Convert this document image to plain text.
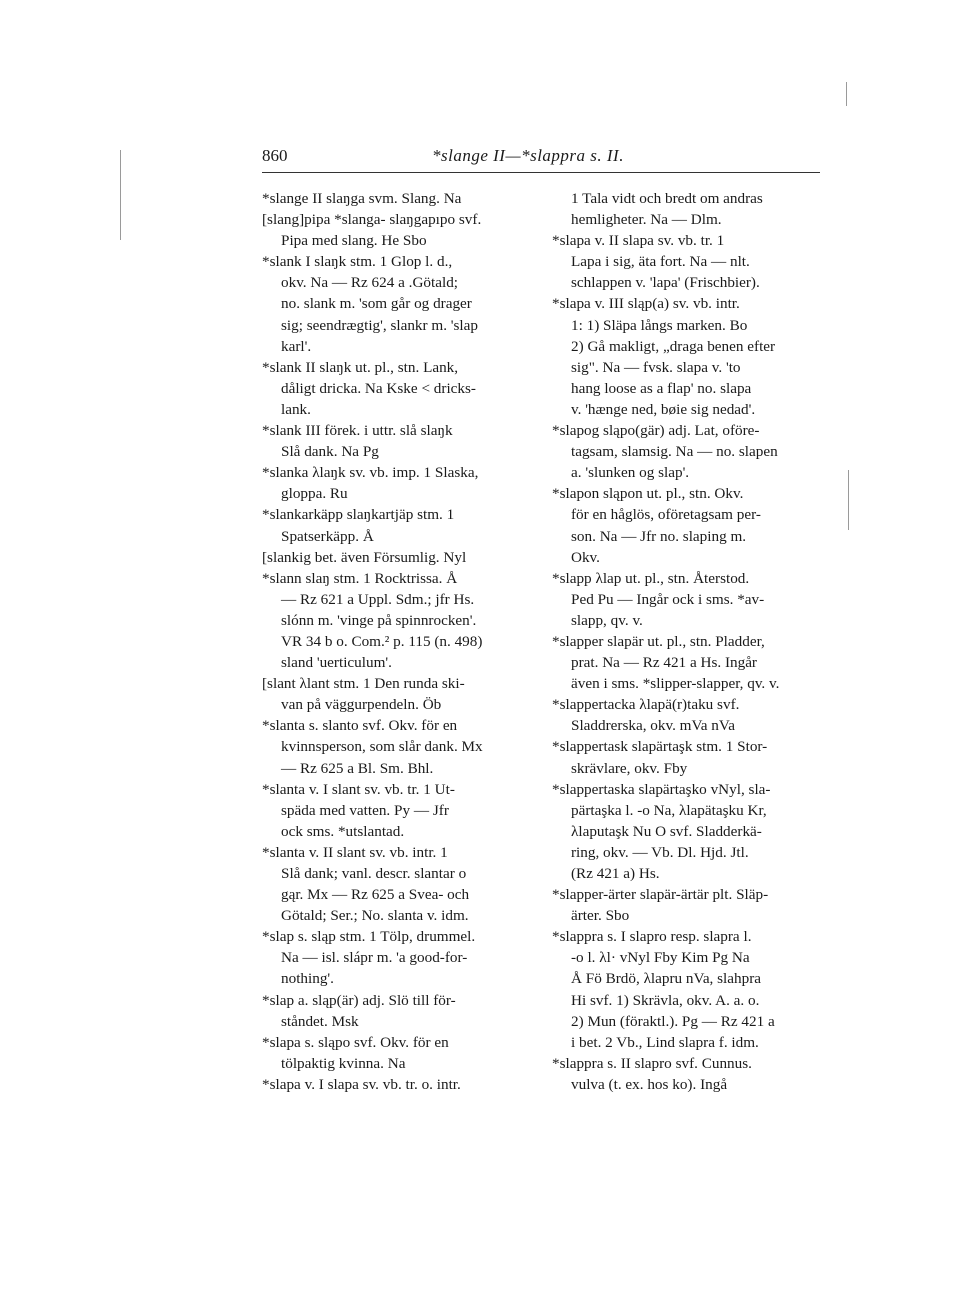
860	*slange II—*slappra s. II.
*slange II slaŋga svm. Slang. Na
[slang]pipa *slanga- slaŋgapıpo svf.
Pipa med slang. He Sbo
*slank I slaŋk stm. 1 Glop l. d.,
okv. Na — Rz 624 a .Götald;
no. slank m. 'som går og drager
sig; seendrægtig', slankr m. 'slap
karl'.
*slank II slaŋk ut. pl., stn. Lank,
dåligt dricka. Na Kske < dricks-
lank.
*slank III förek. i uttr. slå slaŋk
Slå dank. Na Pg
*slanka λlaŋk sv. vb. imp. 1 Slaska,
gloppa. Ru
*slankarkäpp slaŋkartjäp stm. 1
Spatserkäpp. Å
[slankig bet. även Försumlig. Nyl
*slann slaŋ stm. 1 Rocktrissa. Å
— Rz 621 a Uppl. Sdm.; jfr Hs.
slónn m. 'vinge på spinnrocken'.
VR 34 b o. Com.² p. 115 (n. 498)
sland 'uerticulum'.
[slant λlant stm. 1 Den runda ski-
van på väggurpendeln. Öb
*slanta s. slanto svf. Okv. för en
kvinnsperson, som slår dank. Mx
— Rz 625 a Bl. Sm. Bhl.
*slanta v. I slant sv. vb. tr. 1 Ut-
späda med vatten. Py — Jfr
ock sms. *utslantad.
*slanta v. II slant sv. vb. intr. 1
Slå dank; vanl. descr. slantar o
gąr. Mx — Rz 625 a Svea- och
Götald; Ser.; No. slanta v. idm.
*slap s. sląp stm. 1 Tölp, drummel.
Na — isl. slápr m. 'a good-for-
nothing'.
*slap a. sląp(är) adj. Slö till för-
ståndet. Msk
*slapa s. sląpo svf. Okv. för en
tölpaktig kvinna. Na
*slapa v. I slapa sv. vb. tr. o. intr.
1 Tala vidt och bredt om andras
hemligheter. Na — Dlm.
*slapa v. II slapa sv. vb. tr. 1
Lapa i sig, äta fort. Na — nlt.
schlappen v. 'lapa' (Frischbier).
*slapa v. III sląp(a) sv. vb. intr.
1: 1) Släpa långs marken. Bo
2) Gå makligt, „draga benen efter
sig". Na — fvsk. slapa v. 'to
hang loose as a flap' no. slapa
v. 'hænge ned, bøie sig nedad'.
*slapog sląpo(gär) adj. Lat, oföre-
tagsam, slamsig. Na — no. slapen
a. 'slunken og slap'.
*slapon sląpon ut. pl., stn. Okv.
för en håglös, oföretagsam per-
son. Na — Jfr no. slaping m.
Okv.
*slapp λlap ut. pl., stn. Återstod.
Ped Pu — Ingår ock i sms. *av-
slapp, qv. v.
*slapper slapär ut. pl., stn. Pladder,
prat. Na — Rz 421 a Hs. Ingår
även i sms. *slipper-slapper, qv. v.
*slappertacka λlapä(r)taku svf.
Sladdrerska, okv. mVa nVa
*slappertask slapärtaşk stm. 1 Stor-
skrävlare, okv. Fby
*slappertaska slapärtaşko vNyl, sla-
pärtaşka l. -o Na, λlapätaşku Kr,
λlaputaşk Nu O svf. Sladderkä-
ring, okv. — Vb. Dl. Hjd. Jtl.
(Rz 421 a) Hs.
*slapper-ärter slapär-ärtär plt. Släp-
ärter. Sbo
*slappra s. I slapro resp. slapra l.
-o l. λl· vNyl Fby Kim Pg Na
Å Fö Brdö, λlapru nVa, slahpra
Hi svf. 1) Skrävla, okv. A. a. o.
2) Mun (föraktl.). Pg — Rz 421 a
i bet. 2 Vb., Lind slapra f. idm.
*slappra s. II slapro svf. Cunnus.
vulva (t. ex. hos ko). Ingå
